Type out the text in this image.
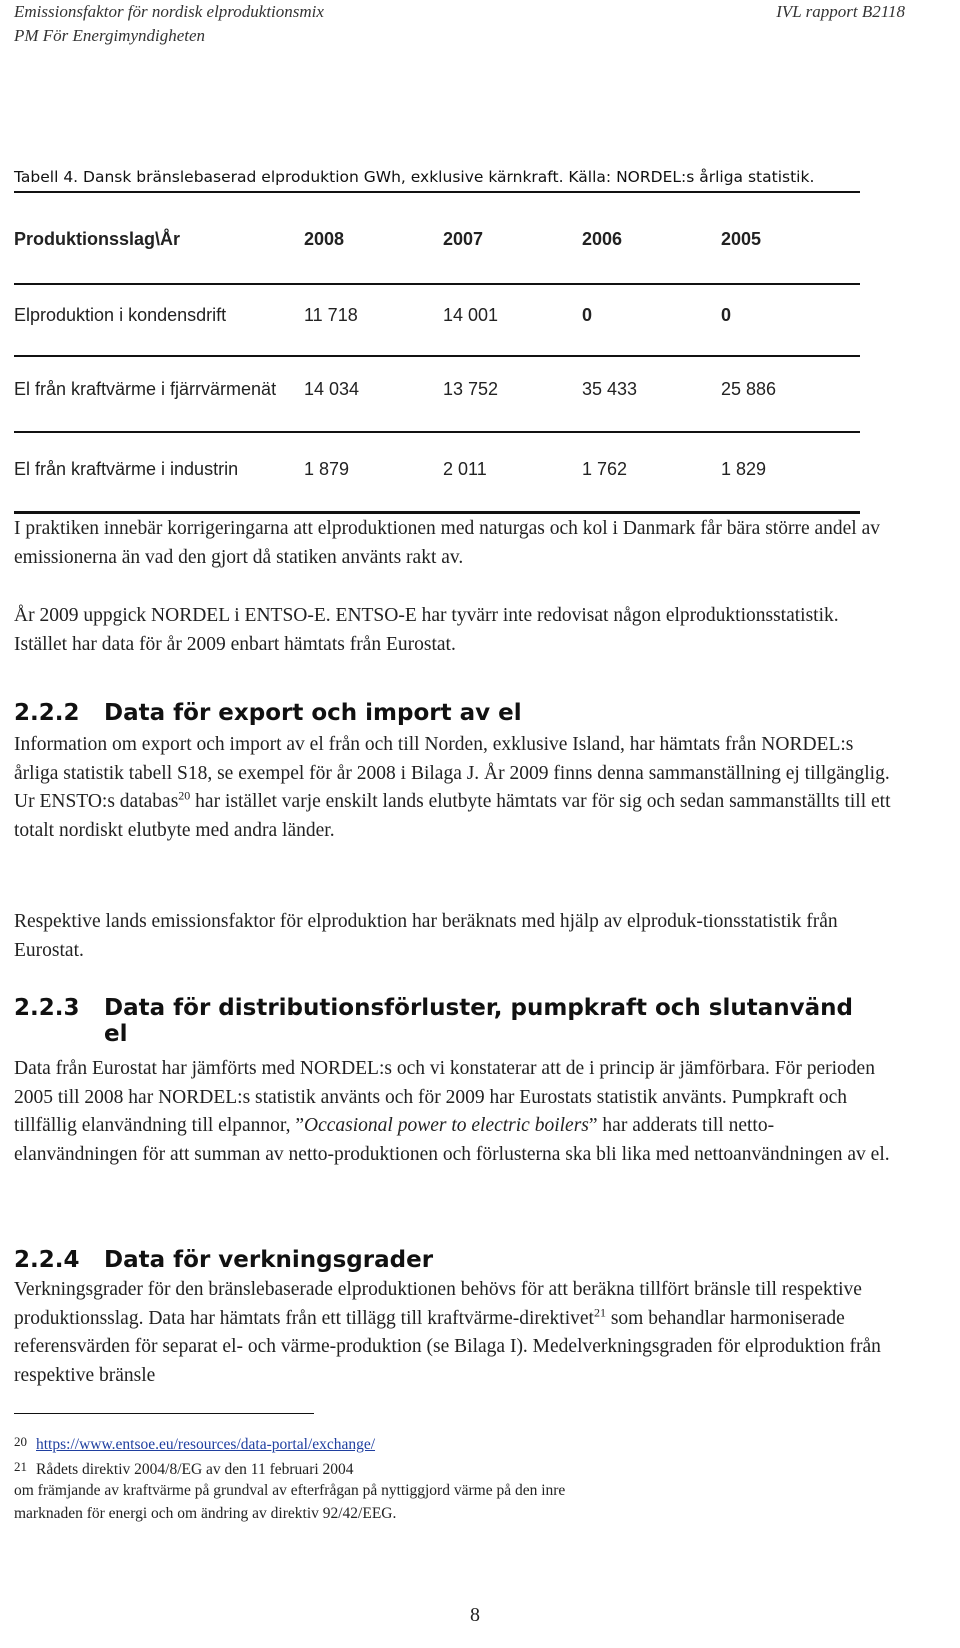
Emissionsfaktor för nordisk elproduktionsmix
PM För Energimyndigheten
IVL rapport B2118
Tabell 4. Dansk bränslebaserad elproduktion GWh, exklusive kärnkraft. Källa: NORDEL:s årliga statistik.
Produktionsslag\År	2008	2007	2006	2005
Elproduktion i kondensdrift	11 718	14 001	0	0
El från kraftvärme i fjärrvärmenät	14 034	13 752	35 433	25 886
El från kraftvärme i industrin	1 879	2 011	1 762	1 829
I praktiken innebär korrigeringarna att elproduktionen med naturgas och kol i Danmark får bära större andel av emissionerna än vad den gjort då statiken använts rakt av.
År 2009 uppgick NORDEL i ENTSO-E. ENTSO-E har tyvärr inte redovisat någon elproduktionsstatistik. Istället har data för år 2009 enbart hämtats från Eurostat.
2.2.2 Data för export och import av el
Information om export och import av el från och till Norden, exklusive Island, har hämtats från NORDEL:s årliga statistik tabell S18, se exempel för år 2008 i Bilaga J. År 2009 finns denna sammanställning ej tillgänglig. Ur ENSTO:s databas$^{20}$ har istället varje enskilt lands elutbyte hämtats var för sig och sedan sammanställts till ett totalt nordiskt elutbyte med andra länder.
Respektive lands emissionsfaktor för elproduktion har beräknats med hjälp av elproduk-tionsstatistik från Eurostat.
2.2.3 Data för distributionsförluster, pumpkraft och slutanvänd
el
Data från Eurostat har jämförts med NORDEL:s och vi konstaterar att de i princip är jämförbara. För perioden 2005 till 2008 har NORDEL:s statistik använts och för 2009 har Eurostats statistik använts. Pumpkraft och tillfällig elanvändning till elpannor, ”Occasional power to electric boilers” har adderats till netto-elanvändningen för att summan av netto-produktionen och förlusterna ska bli lika med nettoanvändningen av el.
2.2.4 Data för verkningsgrader
Verkningsgrader för den bränslebaserade elproduktionen behövs för att beräkna tillfört bränsle till respektive produktionsslag. Data har hämtats från ett tillägg till kraftvärme-direktivet$^{21}$ som behandlar harmoniserade referensvärden för separat el- och värme-produktion (se Bilaga I). Medelverkningsgraden för elproduktion från respektive bränsle
20 https://www.entsoe.eu/resources/data-portal/exchange/
21 Rådets direktiv 2004/8/EG av den 11 februari 2004
om främjande av kraftvärme på grundval av efterfrågan på nyttiggjord värme på den inre
marknaden för energi och om ändring av direktiv 92/42/EEG.
8
